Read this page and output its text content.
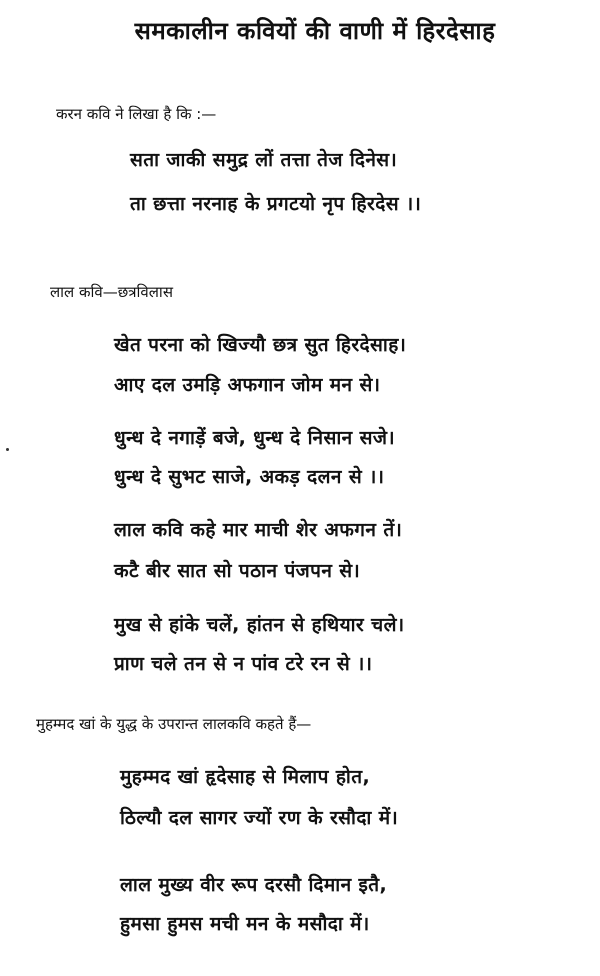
समकालीन कवियों की वाणी में हिरदेसाह
करन कवि ने लिखा है कि :—
सता जाकी समुद्र लों तत्ता तेज दिनेस।
ता छत्ता नरनाह के प्रगटयो नृप हिरदेस ।।
लाल कवि—छत्रविलास
खेत परना को खिज्यौ छत्र सुत हिरदेसाह।
आए दल उमड़ि अफगान जोम मन से।
धुन्ध दे नगाड़ें बजे, धुन्ध दे निसान सजे।
धुन्ध दे सुभट साजे, अकड़ दलन से ।।
लाल कवि कहे मार माची शेर अफगन तें।
कटै बीर सात सो पठान पंजपन से।
मुख से हांके चलें, हांतन से हथियार चले।
प्राण चले तन से न पांव टरे रन से ।।
मुहम्मद खां के युद्ध के उपरान्त लालकवि कहते हैं—
मुहम्मद खां हृदेसाह से मिलाप होत,
ठिल्यौ दल सागर ज्यों रण के रसौदा में।
लाल मुख्य वीर रूप दरसौ दिमान इतै,
हुमसा हुमस मची मन के मसौदा में।
